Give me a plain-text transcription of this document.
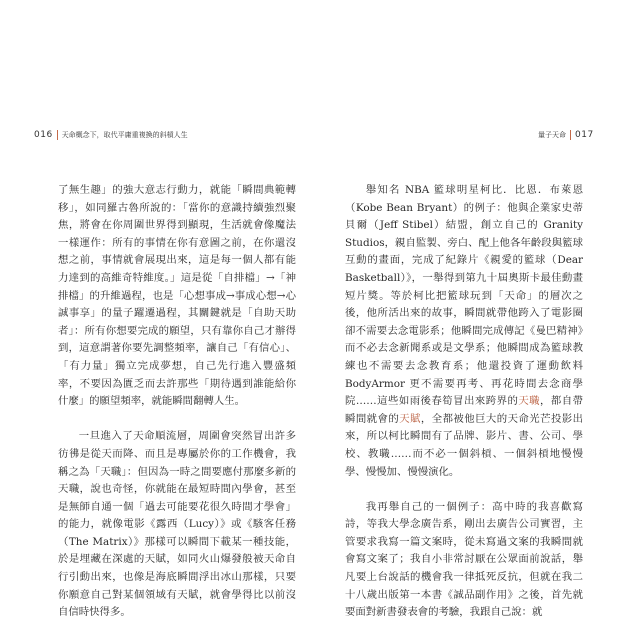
016 天命概念下，取代平庸重複換的斜槓人生	量子天命 017

了無生趣」的強大意志行動力，就能「瞬間典範轉移」，如同羅古魯所說的：「當你的意識持續強烈聚焦，將會在你周圍世界得到顯現，生活就會像魔法一樣運作：所有的事情在你有意圖之前，在你還沒想之前，事情就會展現出來，這是每一個人都有能力達到的高維奇特維度。」這是從「自排檔」→「神排檔」的升維過程，也是「心想事成→事成心想→心誠事享」的量子躍遷過程，其關鍵就是「自助天助者」：所有你想要完成的願望，只有靠你自己才辦得到，這意謂著你要先調整頻率，讓自己「有信心」、「有力量」獨立完成夢想，自己先行進入豐盛頻率，不要因為匱乏而去許那些「期待遇到誰能給你什麼」的願望頻率，就能瞬間翻轉人生。

一旦進入了天命順流層，周圍會突然冒出許多彷彿是從天而降、而且是專屬於你的工作機會，我稱之為「天職」：但因為一時之間要應付那麼多新的天職，說也奇怪，你就能在最短時間內學會，甚至是無師自通一個「過去可能要花很久時間才學會」的能力，就像電影《露西（Lucy）》或《駭客任務（The Matrix）》那樣可以瞬間下載某一種技能，於是埋藏在深處的天賦，如同火山爆發般被天命自行引動出來，也像是海底瞬間浮出冰山那樣，只要你願意自己對某個領域有天賦，就會學得比以前沒自信時快得多。

舉知名 NBA 籃球明星柯比．比恩．布萊恩（Kobe Bean Bryant）的例子：他與企業家史蒂貝爾（Jeff Stibel）結盟，創立自己的 Granity Studios，親自監製、旁白、配上他各年齡段與籃球互動的畫面，完成了紀錄片《親愛的籃球（Dear Basketball）》，一舉得到第九十屆奧斯卡最佳動畫短片獎。等於柯比把籃球玩到「天命」的層次之後，他所活出來的故事，瞬間就帶他跨入了電影圈卻不需要去念電影系；他瞬間完成傳記《曼巴精神》而不必去念新聞系或是文學系；他瞬間成為籃球教練也不需要去念教育系；他還投資了運動飲料 BodyArmor 更不需要再考、再花時間去念商學院……這些如雨後春筍冒出來跨界的天職，都自帶瞬間就會的天賦，全都被他巨大的天命光芒投影出來，所以柯比瞬間有了品牌、影片、書、公司、學校、教職……而不必一個斜槓、一個斜槓地慢慢學、慢慢加、慢慢演化。

我再舉自己的一個例子：高中時的我喜歡寫詩，等我大學念廣告系，剛出去廣告公司實習，主管要求我寫一篇文案時，從未寫過文案的我瞬間就會寫文案了；我自小非常討厭在公眾面前說話，舉凡要上台說話的機會我一律抵死反抗，但就在我二十八歲出版第一本書《誠品副作用》之後，首先就要面對新書發表會的考驗，我跟自己說：就
